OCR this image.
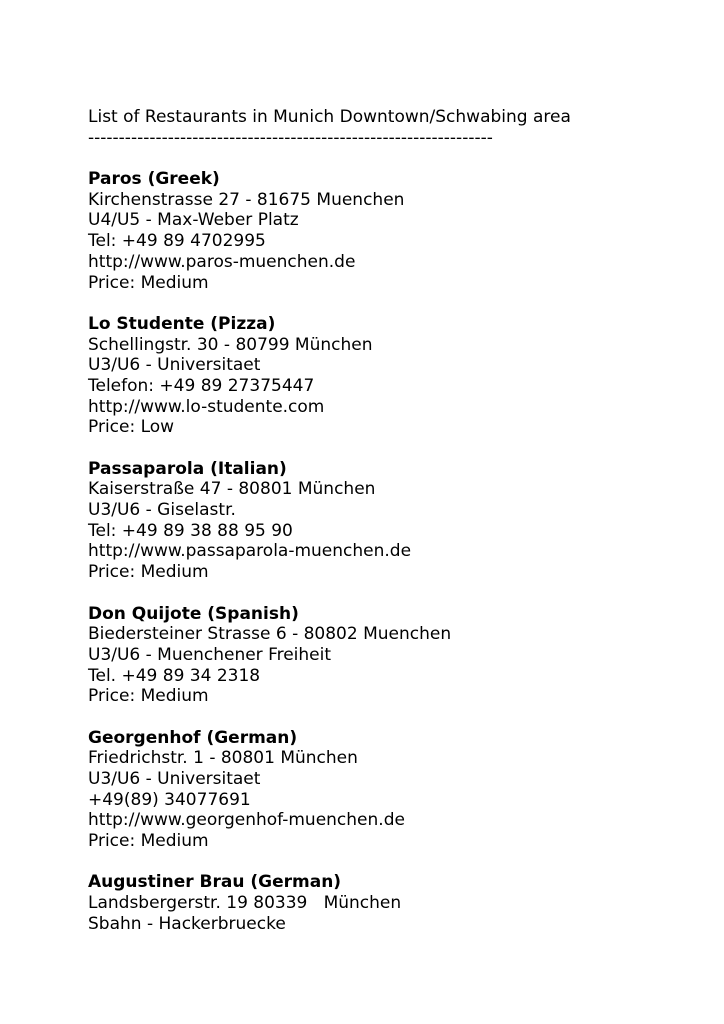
List of Restaurants in Munich Downtown/Schwabing area
------------------------------------------------------------------
Paros (Greek)
Kirchenstrasse 27 - 81675 Muenchen
U4/U5 - Max-Weber Platz
Tel: +49 89 4702995
http://www.paros-muenchen.de
Price: Medium
Lo Studente (Pizza)
Schellingstr. 30 - 80799 München
U3/U6 - Universitaet
Telefon: +49 89 27375447
http://www.lo-studente.com
Price: Low
Passaparola (Italian)
Kaiserstraße 47 - 80801 München
U3/U6 - Giselastr.
Tel: +49 89 38 88 95 90
http://www.passaparola-muenchen.de
Price: Medium
Don Quijote (Spanish)
Biedersteiner Strasse 6 - 80802 Muenchen
U3/U6 - Muenchener Freiheit
Tel. +49 89 34 2318
Price: Medium
Georgenhof (German)
Friedrichstr. 1 - 80801 München
U3/U6 - Universitaet
+49(89) 34077691
http://www.georgenhof-muenchen.de
Price: Medium
Augustiner Brau (German)
Landsbergerstr. 19 80339   München
Sbahn - Hackerbruecke
